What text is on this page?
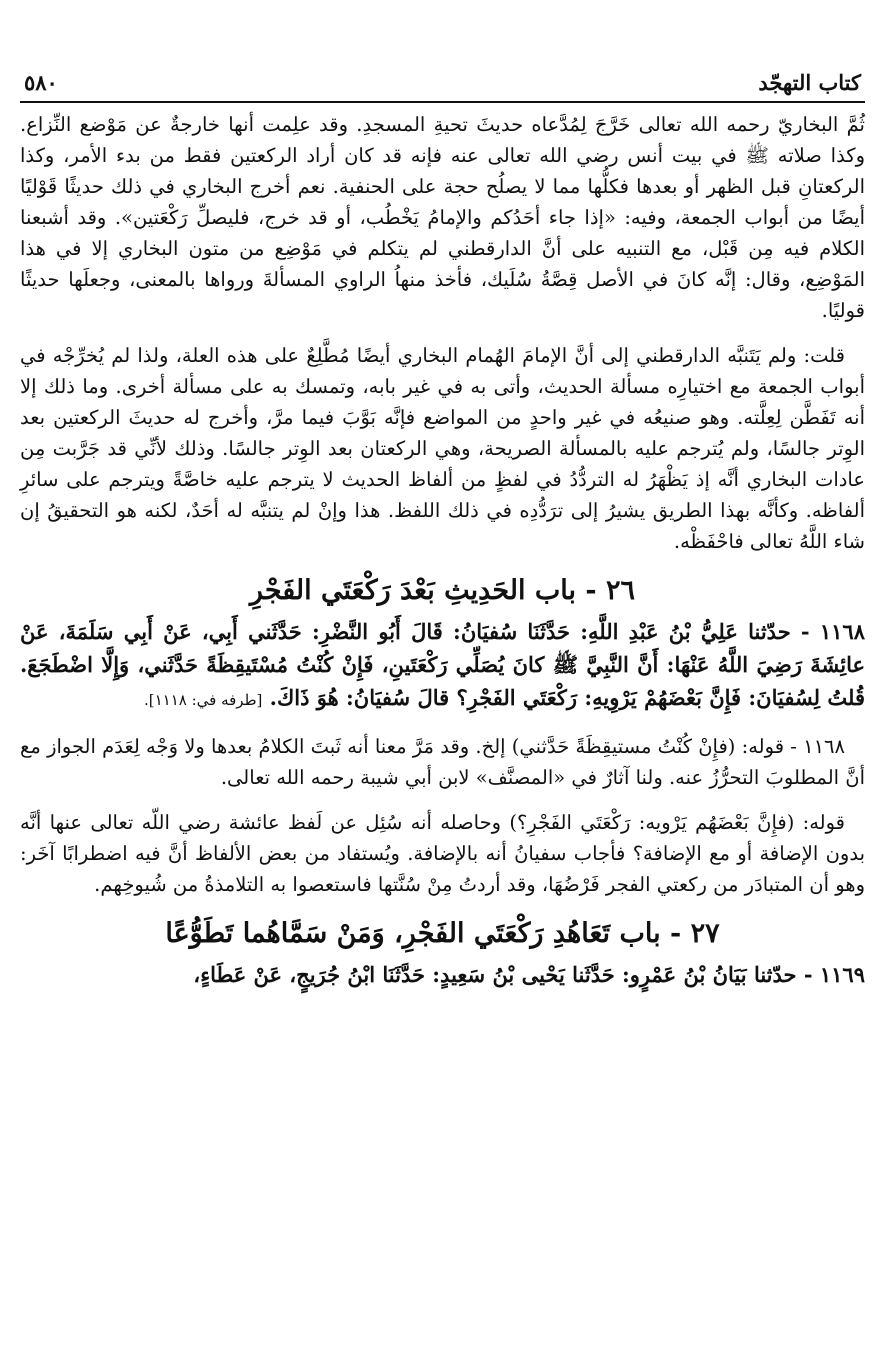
كتاب التهجّد
٥٨٠

ثُمَّ البخاريّ رحمه الله تعالى خَرَّجَ لِمُدَّعاه حديثَ تحيةِ المسجدِ. وقد علِمت أنها خارجةٌ عن مَوْضع النِّزاع. وكذا صلاته ﷺ في بيت أنس رضي الله تعالى عنه فإنه قد كان أراد الركعتين فقط من بدء الأمر، وكذا الركعتانِ قبل الظهر أو بعدها فكلُّها مما لا يصلُح حجة على الحنفية. نعم أخرج البخاري في ذلك حديثًا قَوْليًا أيضًا من أبواب الجمعة، وفيه: «إذا جاء أحَدُكم والإمامُ يَخْطُب، أو قد خرج، فليصلِّ رَكْعَتين». وقد أشبعنا الكلام فيه مِن قَبْل، مع التنبيه على أنَّ الدارقطني لم يتكلم في مَوْضِع من متون البخاري إلا في هذا المَوْضِع، وقال: إنَّه كانَ في الأصل قِصَّةُ سُلَيك، فأخذ منهاُ الراوي المسألةَ ورواها بالمعنى، وجعلَها حديثًا قوليًا.

قلت: ولم يَتَنبَّه الدارقطني إلى أنَّ الإمامَ الهُمام البخاري أيضًا مُطَّلِعٌ على هذه العلة، ولذا لم يُخرِّجْه في أبواب الجمعة مع اختيارِه مسألة الحديث، وأتى به في غير بابه، وتمسك به على مسألة أخرى. وما ذلك إلا أنه تَفَطَّن لِعِلَّته. وهو صنيعُه في غير واحدٍ من المواضع فإنَّه بَوَّبَ فيما مرَّ، وأخرج له حديثَ الركعتين بعد الوِتر جالسًا، ولم يُترجم عليه بالمسألة الصريحة، وهي الركعتان بعد الوِتر جالسًا. وذلك لأنِّي قد جَرَّبت مِن عادات البخاري أنَّه إذ يَظْهَرُ له التردُّدُ في لفظٍ من ألفاظ الحديث لا يترجم عليه خاصَّةً ويترجم على سائرِ ألفاظه. وكأنَّه بهذا الطريق يشيرُ إلى ترَدُّدِه في ذلك اللفظ. هذا وإنْ لم يتنبَّه له أحَدٌ، لكنه هو التحقيقُ إن شاء اللَّهُ تعالى فاحْفَظْه.

٢٦ - باب الحَدِيثِ بَعْدَ رَكْعَتَي الفَجْرِ

١١٦٨ - حدّثنا عَلِيُّ بْنُ عَبْدِ اللَّهِ: حَدَّثَنَا سُفيَانُ: قَالَ أَبُو النَّضْرِ: حَدَّثَني أَبِي، عَنْ أَبِي سَلَمَةَ، عَنْ عائِشَةَ رَضِيَ اللَّهُ عَنْهَا: أَنَّ النَّبِيَّ ﷺ كانَ يُصَلِّي رَكْعَتَينِ، فَإِنْ كُنْتُ مُسْتَيقِظَةً حَدَّثَني، وَإِلَّا اضْطَجَعَ. قُلتُ لِسُفيَانَ: فَإِنَّ بَعْضَهُمْ يَرْوِيهِ: رَكْعَتَي الفَجْرِ؟ قالَ سُفيَانُ: هُوَ ذَاكَ. [طرفه في: ١١١٨].

١١٦٨ - قوله: (فإِنْ كُنْتُ مستيقِظَةً حَدَّثني) إلخ. وقد مَرَّ معنا أنه ثَبتَ الكلامُ بعدها ولا وَجْه لِعَدَم الجواز مع أنَّ المطلوبَ التحرُّزُ عنه. ولنا آثارٌ في «المصنَّف» لابن أبي شيبة رحمه الله تعالى.

قوله: (فإِنَّ بَعْضَهُم يَرْويه: رَكْعَتَي الفَجْرِ؟) وحاصله أنه سُئِل عن لَفظ عائشة رضي اللّه تعالى عنها أنَّه بدون الإضافة أو مع الإضافة؟ فأجاب سفيانُ أنه بالإضافة. ويُستفاد من بعض الألفاظ أنَّ فيه اضطرابًا آخَر: وهو أن المتبادَر من ركعتي الفجر فَرْضُهَا، وقد أردتُ مِنْ سُنَّتها فاستعصوا به التلامذةُ من شُيوخِهم.

٢٧ - باب تَعَاهُدِ رَكْعَتَي الفَجْرِ، وَمَنْ سَمَّاهُما تَطَوُّعًا

١١٦٩ - حدّثنا بَيَانُ بْنُ عَمْرٍو: حَدَّثَنا يَحْيى بْنُ سَعِيدٍ: حَدَّثَنَا ابْنُ جُرَيجٍ، عَنْ عَطَاءٍ،
